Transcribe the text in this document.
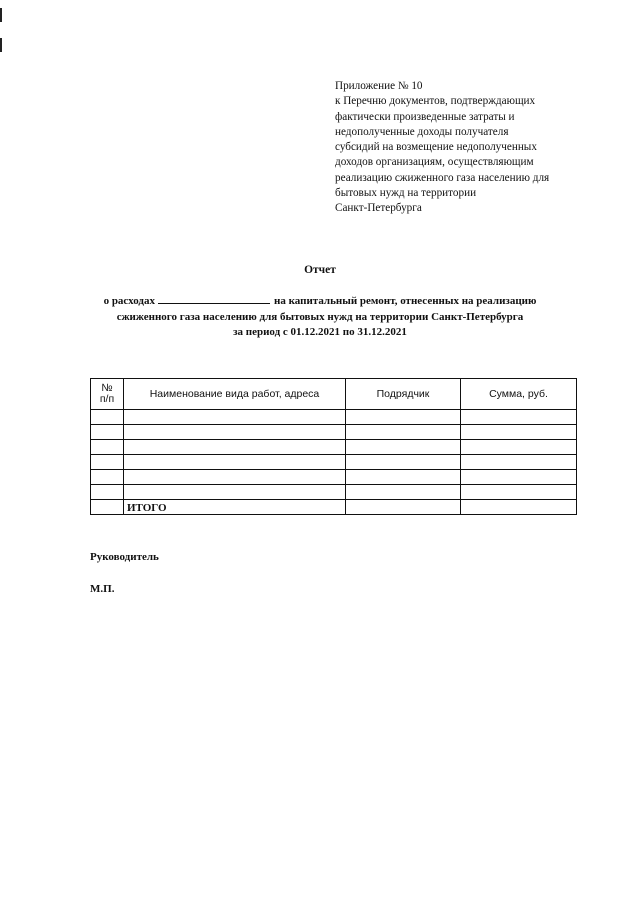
Приложение № 10
к Перечню документов, подтверждающих
фактически произведенные затраты и
недополученные доходы получателя
субсидий на возмещение недополученных
доходов организациям, осуществляющим
реализацию сжиженного газа населению для
бытовых нужд на территории
Санкт-Петербурга
Отчет
о расходах	на капитальный ремонт, отнесенных на реализацию
сжиженного газа населению для бытовых нужд на территории Санкт-Петербурга
за период с 01.12.2021 по 31.12.2021
№ п/п	Наименование вида работ, адреса	Подрядчик	Сумма, руб.

	ИТОГО		
Руководитель
М.П.
